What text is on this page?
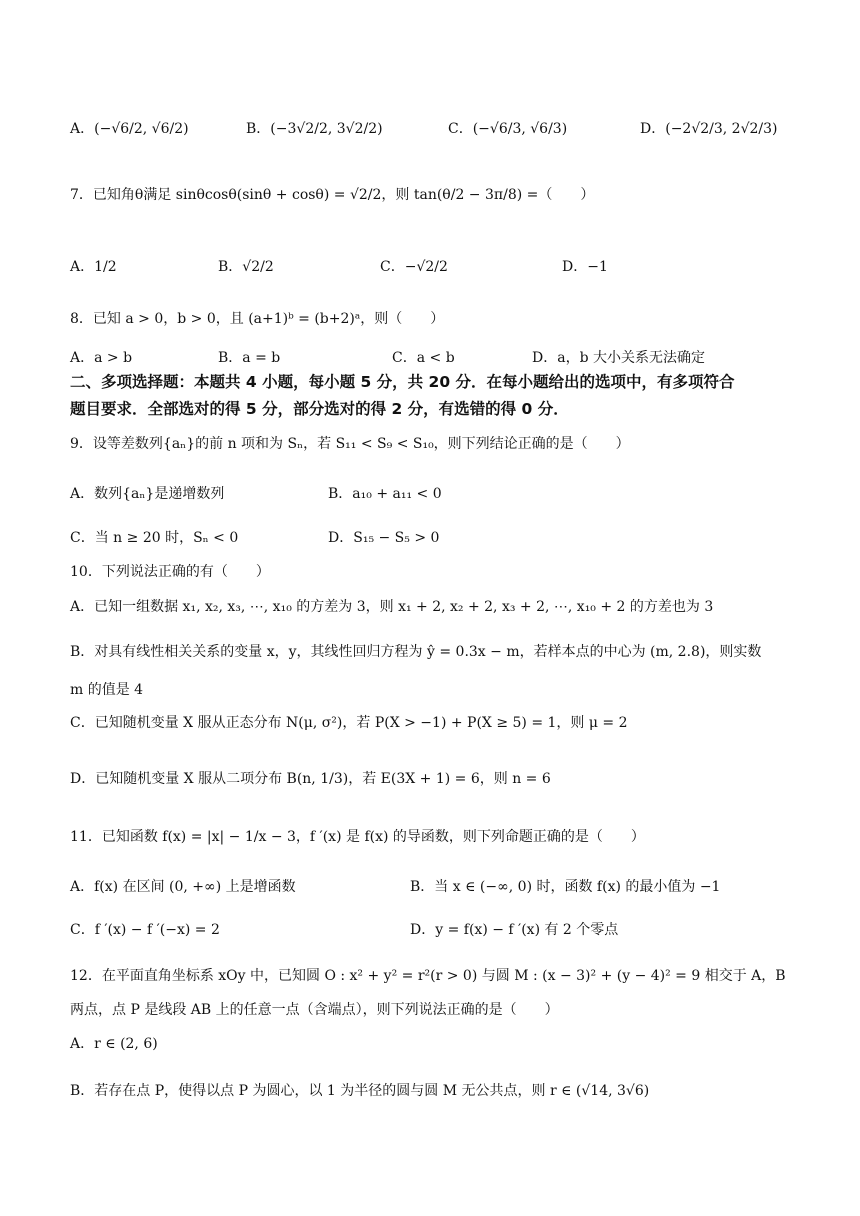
A．(−√6/2, √6/2)	B．(−3√2/2, 3√2/2)	C．(−√6/3, √6/3)	D．(−2√2/3, 2√2/3)
7．已知角θ满足 sinθcosθ(sinθ + cosθ) = √2/2，则 tan(θ/2 − 3π/8) =（　　）
A．1/2	B．√2/2	C．−√2/2	D．−1
8．已知 a > 0，b > 0，且 (a+1)ᵇ = (b+2)ᵃ，则（　　）
A．a > b	B．a = b	C．a < b	D．a，b 大小关系无法确定
二、多项选择题：本题共 4 小题，每小题 5 分，共 20 分．在每小题给出的选项中，有多项符合
题目要求．全部选对的得 5 分，部分选对的得 2 分，有选错的得 0 分．
9．设等差数列{aₙ}的前 n 项和为 Sₙ，若 S₁₁ < S₉ < S₁₀，则下列结论正确的是（　　）
A．数列{aₙ}是递增数列	B．a₁₀ + a₁₁ < 0
C．当 n ≥ 20 时，Sₙ < 0	D．S₁₅ − S₅ > 0
10．下列说法正确的有（　　）
A．已知一组数据 x₁, x₂, x₃, ⋯, x₁₀ 的方差为 3，则 x₁ + 2, x₂ + 2, x₃ + 2, ⋯, x₁₀ + 2 的方差也为 3
B．对具有线性相关关系的变量 x，y，其线性回归方程为 ŷ = 0.3x − m，若样本点的中心为 (m, 2.8)，则实数
m 的值是 4
C．已知随机变量 X 服从正态分布 N(μ, σ²)，若 P(X > −1) + P(X ≥ 5) = 1，则 μ = 2
D．已知随机变量 X 服从二项分布 B(n, 1/3)，若 E(3X + 1) = 6，则 n = 6
11．已知函数 f(x) = |x| − 1/x − 3，f ′(x) 是 f(x) 的导函数，则下列命题正确的是（　　）
A．f(x) 在区间 (0, +∞) 上是增函数	B．当 x ∈ (−∞, 0) 时，函数 f(x) 的最小值为 −1
C．f ′(x) − f ′(−x) = 2	D．y = f(x) − f ′(x) 有 2 个零点
12．在平面直角坐标系 xOy 中，已知圆 O : x² + y² = r²(r > 0) 与圆 M : (x − 3)² + (y − 4)² = 9 相交于 A，B
两点，点 P 是线段 AB 上的任意一点（含端点），则下列说法正确的是（　　）
A．r ∈ (2, 6)
B．若存在点 P，使得以点 P 为圆心，以 1 为半径的圆与圆 M 无公共点，则 r ∈ (√14, 3√6)
